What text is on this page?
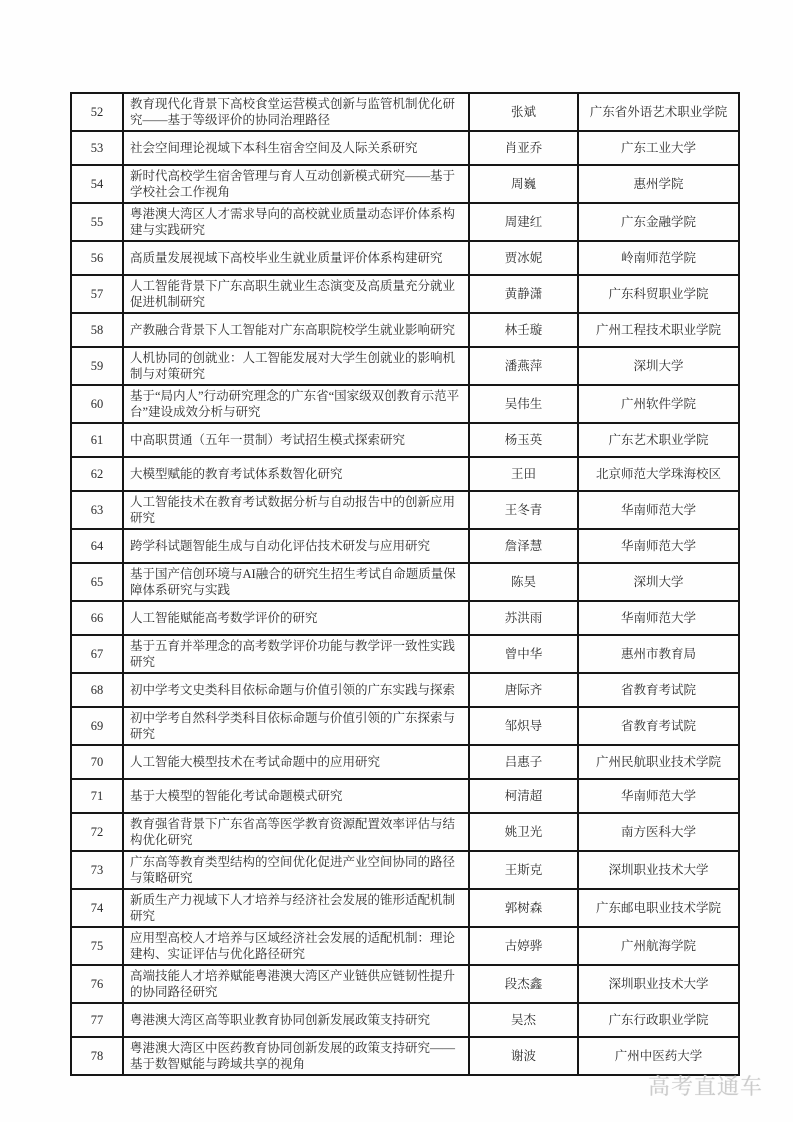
52	教育现代化背景下高校食堂运营模式创新与监管机制优化研究——基于等级评价的协同治理路径	张斌	广东省外语艺术职业学院
53	社会空间理论视域下本科生宿舍空间及人际关系研究	肖亚乔	广东工业大学
54	新时代高校学生宿舍管理与育人互动创新模式研究——基于学校社会工作视角	周巍	惠州学院
55	粤港澳大湾区人才需求导向的高校就业质量动态评价体系构建与实践研究	周建红	广东金融学院
56	高质量发展视域下高校毕业生就业质量评价体系构建研究	贾冰妮	岭南师范学院
57	人工智能背景下广东高职生就业生态演变及高质量充分就业促进机制研究	黄静潇	广东科贸职业学院
58	产教融合背景下人工智能对广东高职院校学生就业影响研究	林壬璇	广州工程技术职业学院
59	人机协同的创就业：人工智能发展对大学生创就业的影响机制与对策研究	潘燕萍	深圳大学
60	基于“局内人”行动研究理念的广东省“国家级双创教育示范平台”建设成效分析与研究	吴伟生	广州软件学院
61	中高职贯通（五年一贯制）考试招生模式探索研究	杨玉英	广东艺术职业学院
62	大模型赋能的教育考试体系数智化研究	王田	北京师范大学珠海校区
63	人工智能技术在教育考试数据分析与自动报告中的创新应用研究	王冬青	华南师范大学
64	跨学科试题智能生成与自动化评估技术研发与应用研究	詹泽慧	华南师范大学
65	基于国产信创环境与AI融合的研究生招生考试自命题质量保障体系研究与实践	陈昊	深圳大学
66	人工智能赋能高考数学评价的研究	苏洪雨	华南师范大学
67	基于五育并举理念的高考数学评价功能与教学评一致性实践研究	曾中华	惠州市教育局
68	初中学考文史类科目依标命题与价值引领的广东实践与探索	唐际齐	省教育考试院
69	初中学考自然科学类科目依标命题与价值引领的广东探索与研究	邹炽导	省教育考试院
70	人工智能大模型技术在考试命题中的应用研究	吕惠子	广州民航职业技术学院
71	基于大模型的智能化考试命题模式研究	柯清超	华南师范大学
72	教育强省背景下广东省高等医学教育资源配置效率评估与结构优化研究	姚卫光	南方医科大学
73	广东高等教育类型结构的空间优化促进产业空间协同的路径与策略研究	王斯克	深圳职业技术大学
74	新质生产力视域下人才培养与经济社会发展的锥形适配机制研究	郭树森	广东邮电职业技术学院
75	应用型高校人才培养与区域经济社会发展的适配机制：理论建构、实证评估与优化路径研究	古婷骅	广州航海学院
76	高端技能人才培养赋能粤港澳大湾区产业链供应链韧性提升的协同路径研究	段杰鑫	深圳职业技术大学
77	粤港澳大湾区高等职业教育协同创新发展政策支持研究	吴杰	广东行政职业学院
78	粤港澳大湾区中医药教育协同创新发展的政策支持研究——基于数智赋能与跨域共享的视角	谢波	广州中医药大学
高考直通车
